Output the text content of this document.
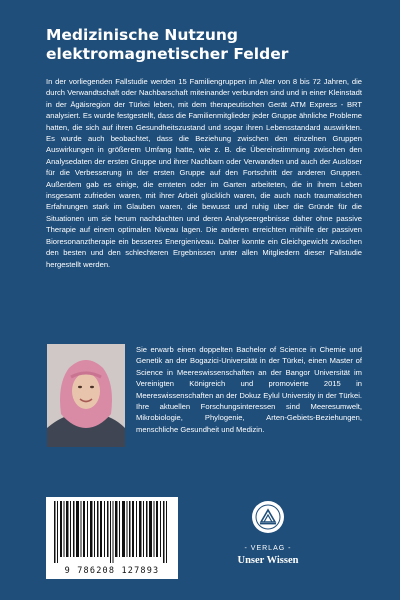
Medizinische Nutzung
elektromagnetischer Felder

In der vorliegenden Fallstudie werden 15 Familiengruppen im Alter von 8 bis 72 Jahren, die durch Verwandtschaft oder Nachbarschaft miteinander verbunden sind und in einer Kleinstadt in der Ägäisregion der Türkei leben, mit dem therapeutischen Gerät ATM Express - BRT analysiert. Es wurde festgestellt, dass die Familienmitglieder jeder Gruppe ähnliche Probleme hatten, die sich auf ihren Gesundheitszustand und sogar ihren Lebensstandard auswirkten. Es wurde auch beobachtet, dass die Beziehung zwischen den einzelnen Gruppen Auswirkungen in größerem Umfang hatte, wie z. B. die Übereinstimmung zwischen den Analysedaten der ersten Gruppe und ihrer Nachbarn oder Verwandten und auch der Auslöser für die Verbesserung in der ersten Gruppe auf den Fortschritt der anderen Gruppen. Außerdem gab es einige, die ernteten oder im Garten arbeiteten, die in ihrem Leben insgesamt zufrieden waren, mit ihrer Arbeit glücklich waren, die auch nach traumatischen Erfahrungen stark im Glauben waren, die bewusst und ruhig über die Gründe für die Situationen um sie herum nachdachten und deren Analyseergebnisse daher ohne passive Therapie auf einem optimalen Niveau lagen. Die anderen erreichten mithilfe der passiven Bioresonanztherapie ein besseres Energieniveau. Daher konnte ein Gleichgewicht zwischen den besten und den schlechteren Ergebnissen unter allen Mitgliedern dieser Fallstudie hergestellt werden.

Sie erwarb einen doppelten Bachelor of Science in Chemie und Genetik an der Bogazici-Universität in der Türkei, einen Master of Science in Meereswissenschaften an der Bangor Universität im Vereinigten Königreich und promovierte 2015 in Meereswissenschaften an der Dokuz Eylul University in der Türkei. Ihre aktuellen Forschungsinteressen sind Meeresumwelt, Mikrobiologie, Phylogenie, Arten-Gebiets-Beziehungen, menschliche Gesundheit und Medizin.

9 786208 127893
- VERLAG -
Unser Wissen
